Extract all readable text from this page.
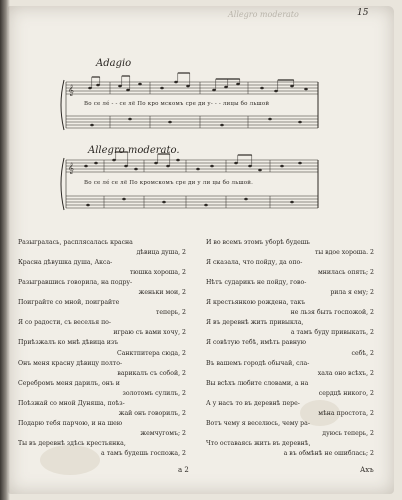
15
Allegro moderato
Adagio
Allegro moderato.
𝄞
𝄞
Во се ле́ - - се лё По кро мскомъ сре ди у- - - лицы бо льшой
Во се ле́ се лё По кромскомъ сре ди у ли цы бо льшой.
Разыгралась, расплясалась красна
дѣвица душа, 2
Красна дѣвушка душа, Акса-
тюшка хороша, 2
Разыгравшись говорила, на подру-
женьки мои, 2
Поиграйте со мной, поиграйте
теперь, 2
Я со радости, съ веселья по-
играю съ вами хочу, 2
Приѣзжалъ ко мнѣ дѣвица изъ
Санктпитера сюда, 2
Онъ меня красну дѣвицу полто-
варикалъ съ собой, 2
Серебромъ меня дарилъ, онъ и
золотомъ сулилъ, 2
Поѣзжай со мной Дуняша, поѣз-
жай онъ говорилъ, 2
Подарю тебя парчою, и на шею
жемчугомъ; 2
Ты въ деревнѣ здѣсь крестьянка,
а тамъ будешь госпожа, 2
И во всемъ этомъ уборѣ будешь
ты вдое хороша. 2
Я сказала, что пойду, да опо-
мнилась опять; 2
Нѣтъ сударикъ не пойду, гово-
рила я ему; 2
Я крестьянкою рождена, такъ
не льзя быть госпожой, 2
Я въ деревнѣ жить привыкла,
а тамъ буду привыкать, 2
Я совѣтую тебѣ, имѣть равную
себѣ, 2
Въ вашемъ городѣ обычай, сла-
хала оно всѣхъ, 2
Вы всѣхъ любите словами, а на
сердцѣ никого, 2
А у насъ то въ деревнѣ пере-
мѣна простота, 2
Вотъ чему я веселюсь, чему ра-
дуюсь теперь, 2
Что оставаясь жить въ деревнѣ,
а въ обмѣнѣ не ошиблась; 2
а 2	Ахъ
